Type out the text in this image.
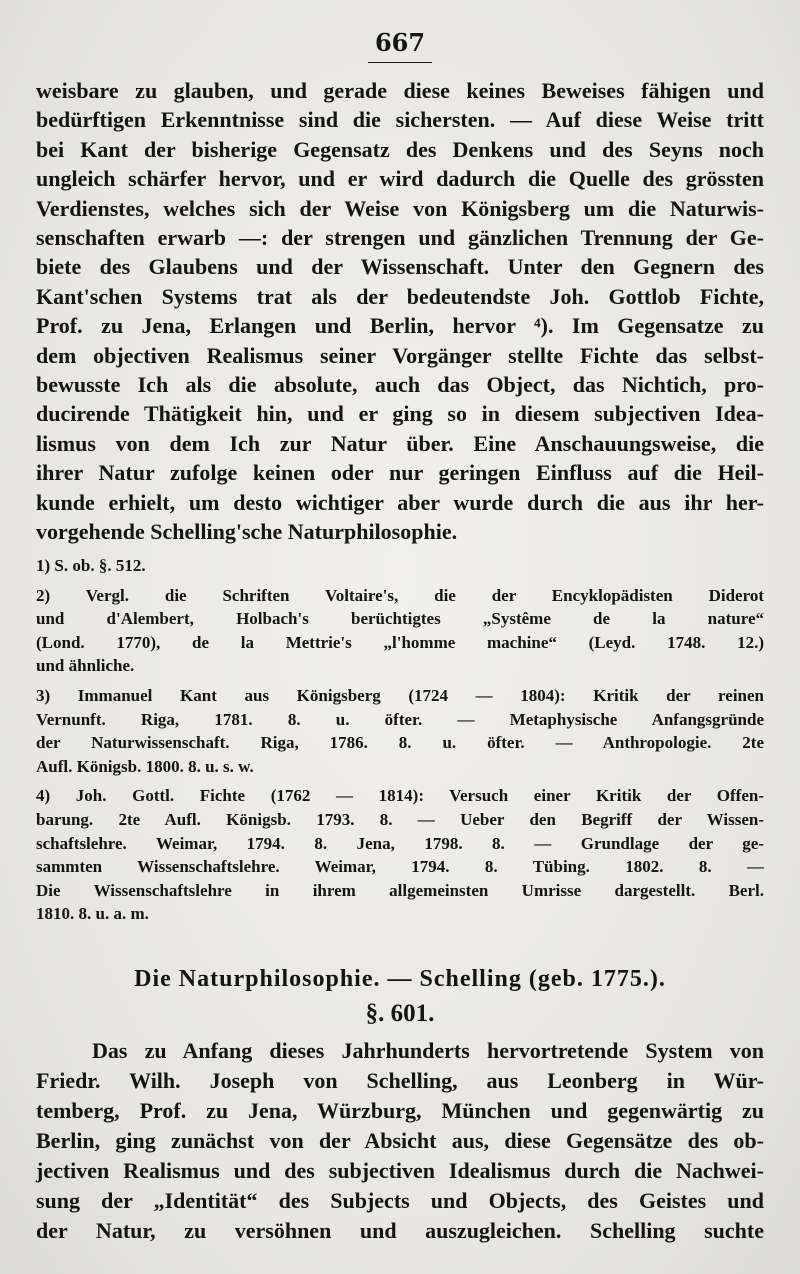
667
weisbare zu glauben, und gerade diese keines Beweises fähigen und
bedürftigen Erkenntnisse sind die sichersten. — Auf diese Weise tritt
bei Kant der bisherige Gegensatz des Denkens und des Seyns noch
ungleich schärfer hervor, und er wird dadurch die Quelle des grössten
Verdienstes, welches sich der Weise von Königsberg um die Naturwis-
senschaften erwarb —: der strengen und gänzlichen Trennung der Ge-
biete des Glaubens und der Wissenschaft. Unter den Gegnern des
Kant'schen Systems trat als der bedeutendste Joh. Gottlob Fichte,
Prof. zu Jena, Erlangen und Berlin, hervor ⁴). Im Gegensatze zu
dem objectiven Realismus seiner Vorgänger stellte Fichte das selbst-
bewusste Ich als die absolute, auch das Object, das Nichtich, pro-
ducirende Thätigkeit hin, und er ging so in diesem subjectiven Idea-
lismus von dem Ich zur Natur über. Eine Anschauungsweise, die
ihrer Natur zufolge keinen oder nur geringen Einfluss auf die Heil-
kunde erhielt, um desto wichtiger aber wurde durch die aus ihr her-
vorgehende Schelling'sche Naturphilosophie.
1) S. ob. §. 512.
2) Vergl. die Schriften Voltaire's, die der Encyklopädisten Diderot
und d'Alembert, Holbach's berüchtigtes „Systême de la nature“
(Lond. 1770), de la Mettrie's „l'homme machine“ (Leyd. 1748. 12.)
und ähnliche.
3) Immanuel Kant aus Königsberg (1724 — 1804): Kritik der reinen
Vernunft. Riga, 1781. 8. u. öfter. — Metaphysische Anfangsgründe
der Naturwissenschaft. Riga, 1786. 8. u. öfter. — Anthropologie. 2te
Aufl. Königsb. 1800. 8. u. s. w.
4) Joh. Gottl. Fichte (1762 — 1814): Versuch einer Kritik der Offen-
barung. 2te Aufl. Königsb. 1793. 8. — Ueber den Begriff der Wissen-
schaftslehre. Weimar, 1794. 8. Jena, 1798. 8. — Grundlage der ge-
sammten Wissenschaftslehre. Weimar, 1794. 8. Tübing. 1802. 8. —
Die Wissenschaftslehre in ihrem allgemeinsten Umrisse dargestellt. Berl.
1810. 8. u. a. m.
Die Naturphilosophie. — Schelling (geb. 1775.).
§. 601.
Das zu Anfang dieses Jahrhunderts hervortretende System von
Friedr. Wilh. Joseph von Schelling, aus Leonberg in Wür-
temberg, Prof. zu Jena, Würzburg, München und gegenwärtig zu
Berlin, ging zunächst von der Absicht aus, diese Gegensätze des ob-
jectiven Realismus und des subjectiven Idealismus durch die Nachwei-
sung der „Identität“ des Subjects und Objects, des Geistes und
der Natur, zu versöhnen und auszugleichen. Schelling suchte
